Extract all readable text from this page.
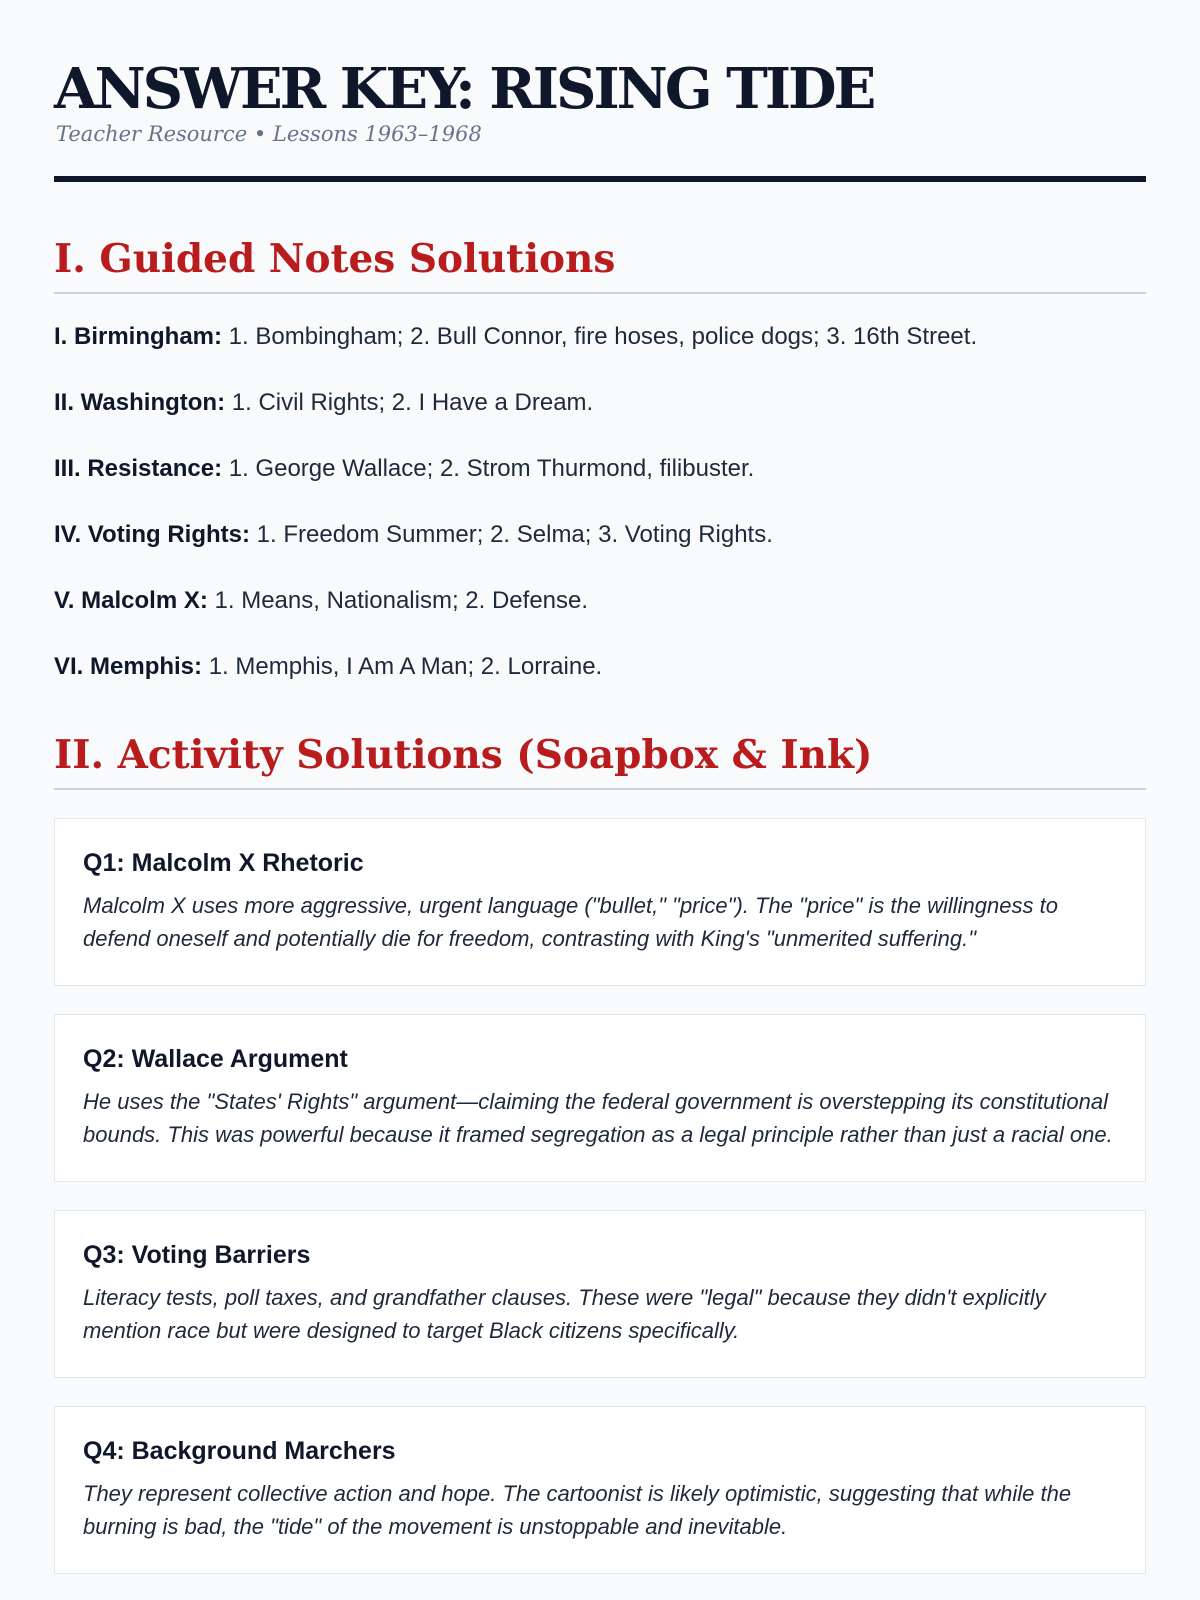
ANSWER KEY: RISING TIDE

Teacher Resource • Lessons 1963–1968

I. Guided Notes Solutions
I. Birmingham: 1. Bombingham; 2. Bull Connor, fire hoses, police dogs; 3. 16th Street.
II. Washington: 1. Civil Rights; 2. I Have a Dream.
III. Resistance: 1. George Wallace; 2. Strom Thurmond, filibuster.
IV. Voting Rights: 1. Freedom Summer; 2. Selma; 3. Voting Rights.
V. Malcolm X: 1. Means, Nationalism; 2. Defense.
VI. Memphis: 1. Memphis, I Am A Man; 2. Lorraine.
II. Activity Solutions (Soapbox & Ink)
Q1: Malcolm X Rhetoric

Malcolm X uses more aggressive, urgent language ("bullet," "price"). The "price" is the willingness to defend oneself and potentially die for freedom, contrasting with King's "unmerited suffering."

Q2: Wallace Argument

He uses the "States' Rights" argument—claiming the federal government is overstepping its constitutional bounds. This was powerful because it framed segregation as a legal principle rather than just a racial one.

Q3: Voting Barriers

Literacy tests, poll taxes, and grandfather clauses. These were "legal" because they didn't explicitly mention race but were designed to target Black citizens specifically.

Q4: Background Marchers

They represent collective action and hope. The cartoonist is likely optimistic, suggesting that while the burning is bad, the "tide" of the movement is unstoppable and inevitable.
